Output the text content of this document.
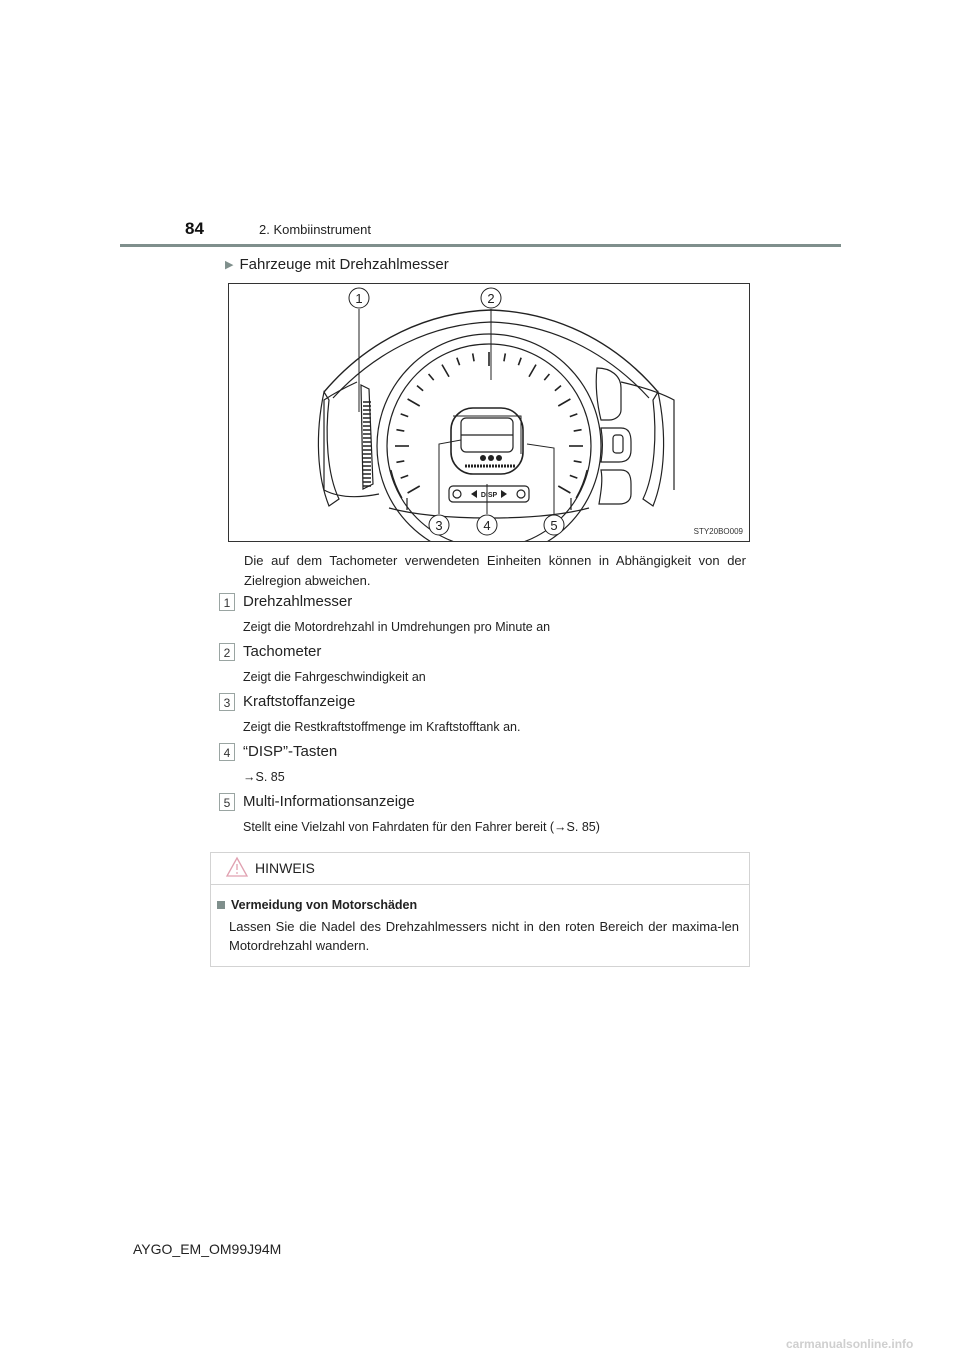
84	2. Kombiinstrument
▶ Fahrzeuge mit Drehzahlmesser
DISP
1	2
3	4	5	STY20BO009
Die auf dem Tachometer verwendeten Einheiten können in Abhängigkeit von der Zielregion abweichen.
1 Drehzahlmesser
Zeigt die Motordrehzahl in Umdrehungen pro Minute an
2 Tachometer
Zeigt die Fahrgeschwindigkeit an
3 Kraftstoffanzeige
Zeigt die Restkraftstoffmenge im Kraftstofftank an.
4 “DISP”-Tasten
→S. 85
5 Multi-Informationsanzeige
Stellt eine Vielzahl von Fahrdaten für den Fahrer bereit (→S. 85)
HINWEIS
Vermeidung von Motorschäden
Lassen Sie die Nadel des Drehzahlmessers nicht in den roten Bereich der maxima-len Motordrehzahl wandern.
AYGO_EM_OM99J94M
carmanualsonline.info
